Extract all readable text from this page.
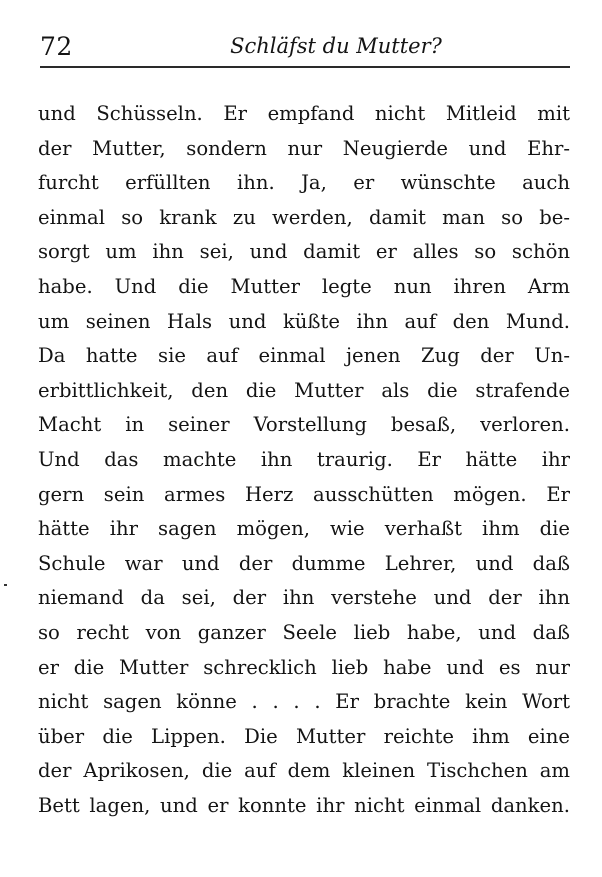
72	Schläfst du Mutter?
und Schüsseln. Er empfand nicht Mitleid mit
der Mutter, sondern nur Neugierde und Ehr-
furcht erfüllten ihn. Ja, er wünschte auch
einmal so krank zu werden, damit man so be-
sorgt um ihn sei, und damit er alles so schön
habe. Und die Mutter legte nun ihren Arm
um seinen Hals und küßte ihn auf den Mund.
Da hatte sie auf einmal jenen Zug der Un-
erbittlichkeit, den die Mutter als die strafende
Macht in seiner Vorstellung besaß, verloren.
Und das machte ihn traurig. Er hätte ihr
gern sein armes Herz ausschütten mögen. Er
hätte ihr sagen mögen, wie verhaßt ihm die
Schule war und der dumme Lehrer, und daß
niemand da sei, der ihn verstehe und der ihn
so recht von ganzer Seele lieb habe, und daß
er die Mutter schrecklich lieb habe und es nur
nicht sagen könne . . . . Er brachte kein Wort
über die Lippen. Die Mutter reichte ihm eine
der Aprikosen, die auf dem kleinen Tischchen am
Bett lagen, und er konnte ihr nicht einmal danken.
